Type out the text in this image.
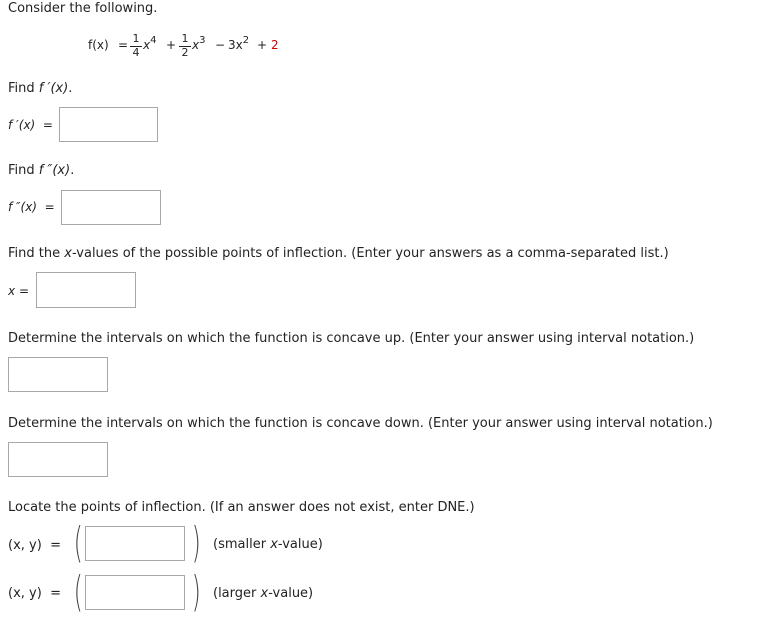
Consider the following.
f(x) = 1
4
$x^4 + 1$
2
$x^3 - 3x^2 + 2$
Find f ′(x).
f ′(x) =
Find f ″(x).
f ″(x) =
Find the x-values of the possible points of inflection. (Enter your answers as a comma-separated list.)
x =
Determine the intervals on which the function is concave up. (Enter your answer using interval notation.)
Determine the intervals on which the function is concave down. (Enter your answer using interval notation.)
Locate the points of inflection. (If an answer does not exist, enter DNE.)
(x, y) = (	) (smaller x-value)
(x, y) = (	) (larger x-value)
